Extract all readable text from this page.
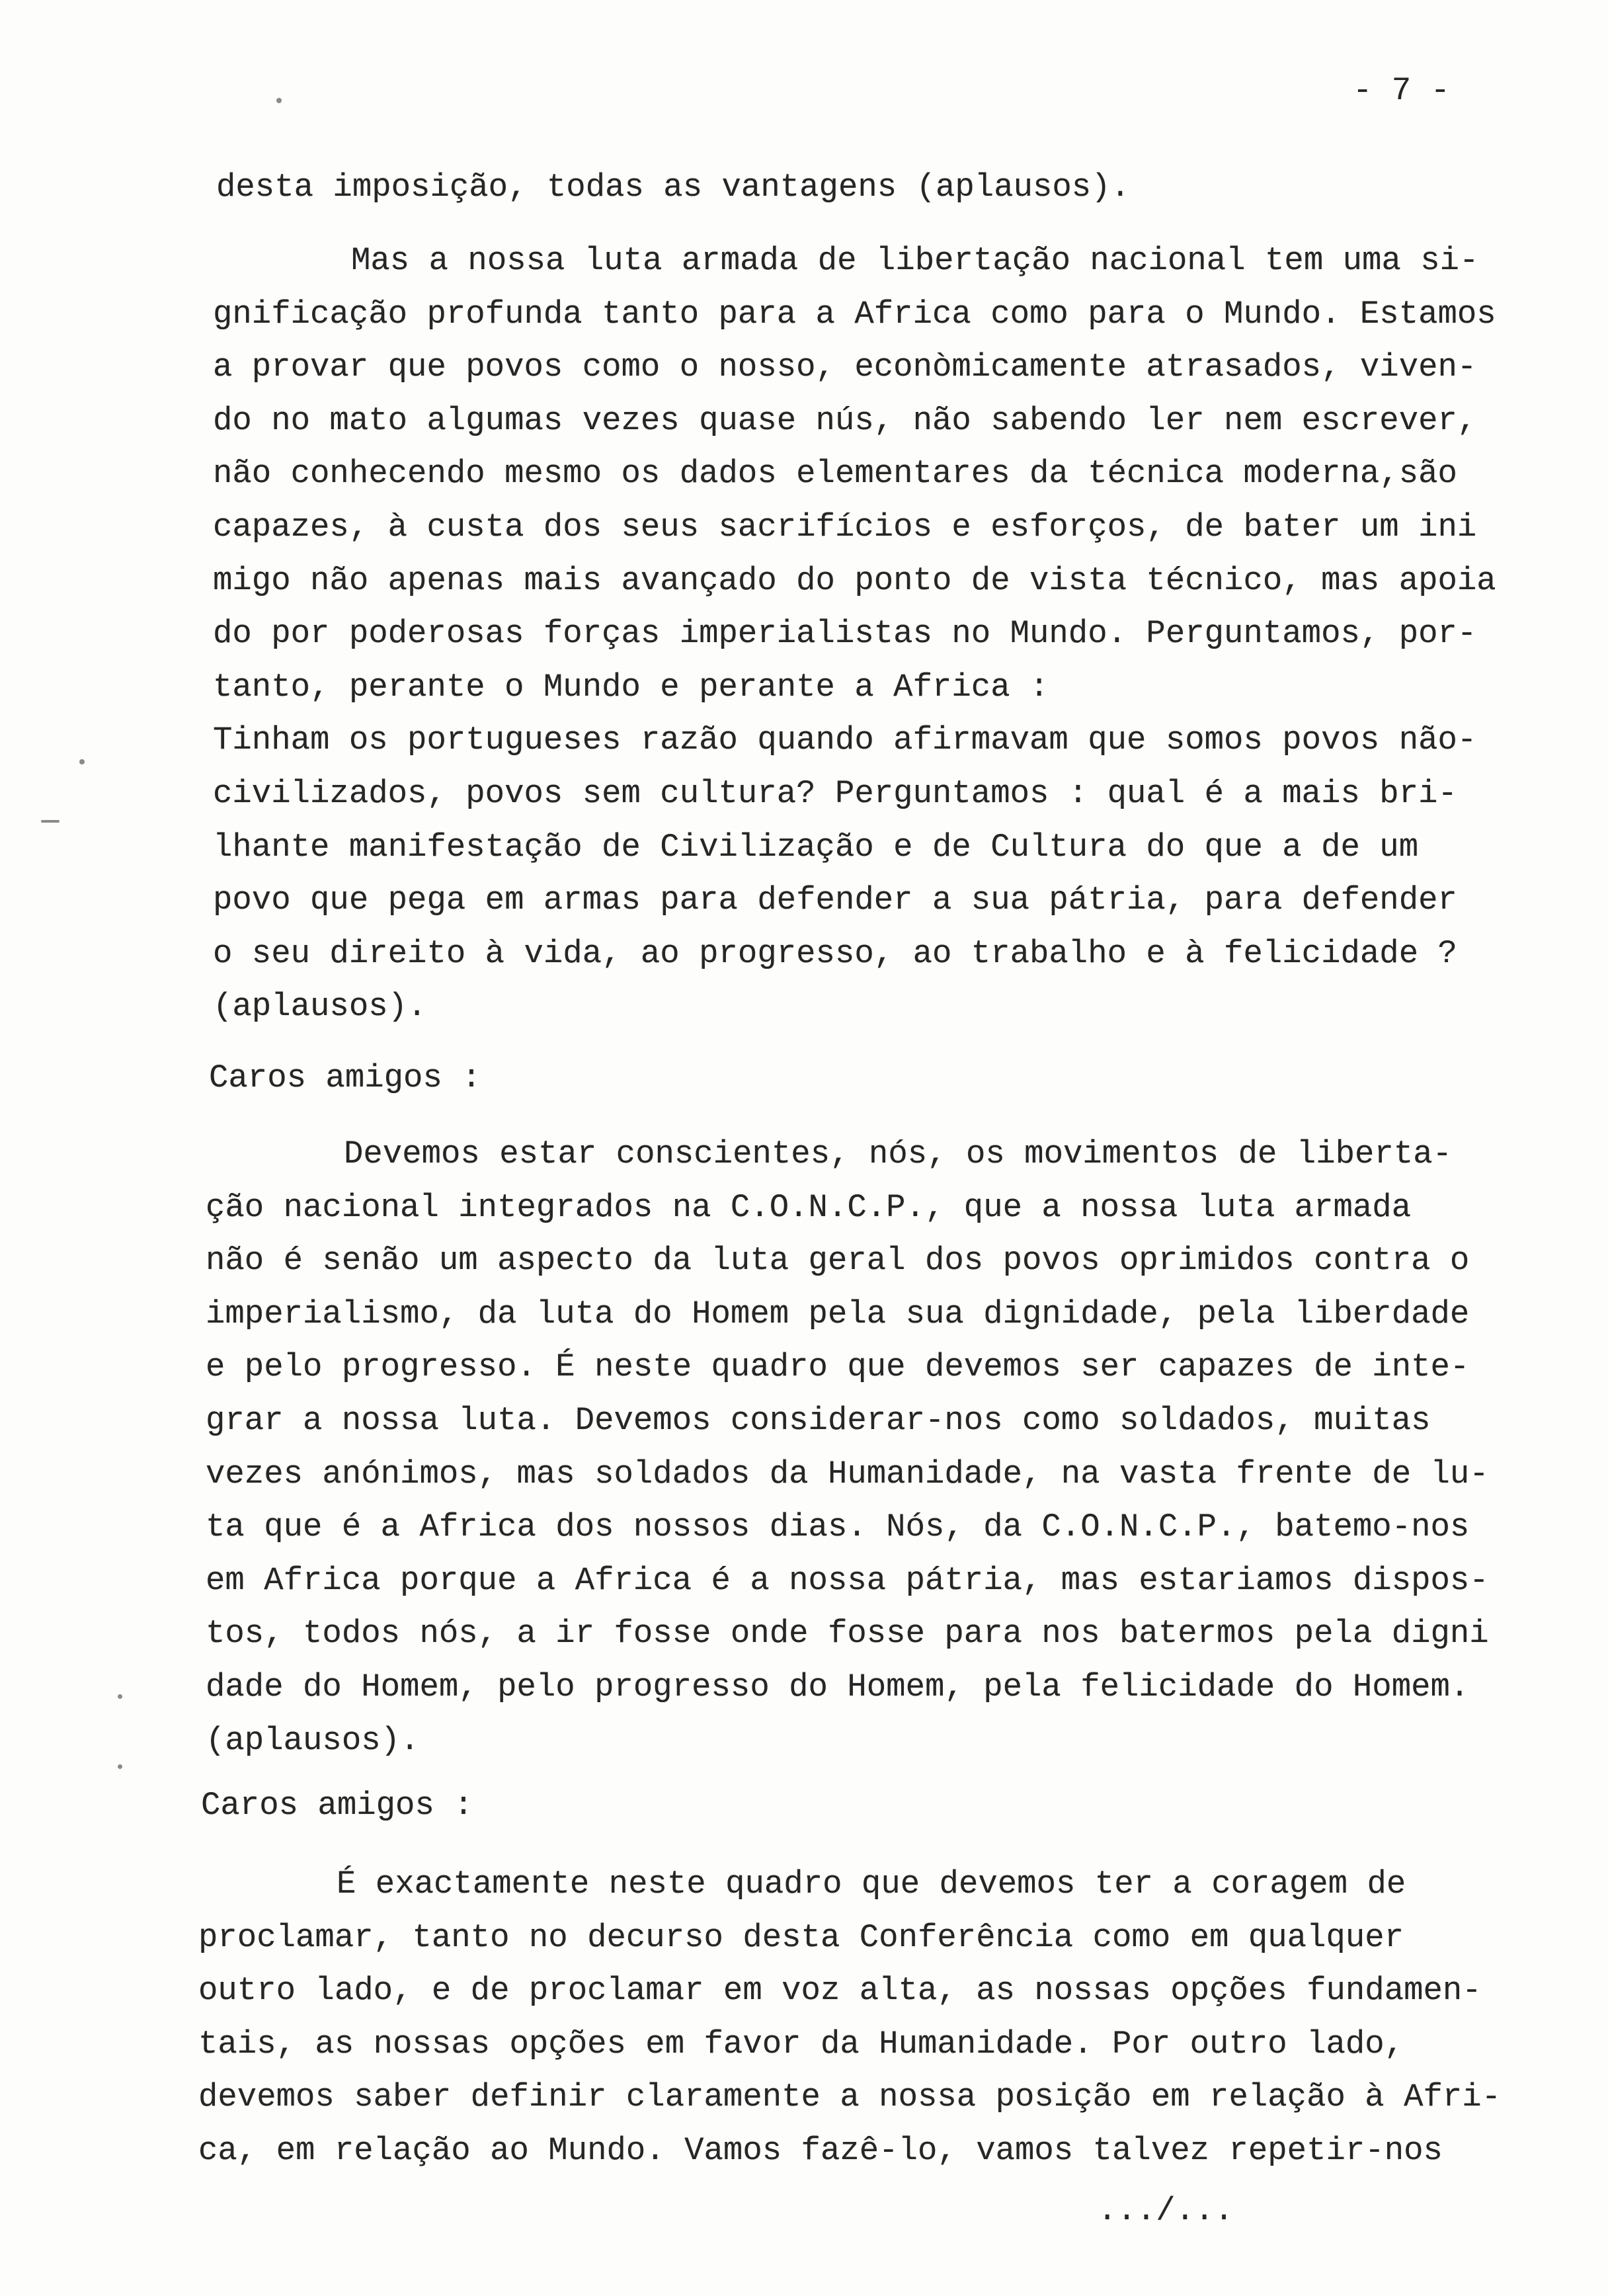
- 7 -
desta imposição, todas as vantagens (aplausos).
Mas a nossa luta armada de libertação nacional tem uma si-
gnificação profunda tanto para a Africa como para o Mundo. Estamos
a provar que povos como o nosso, econòmicamente atrasados, viven-
do no mato algumas vezes quase nús, não sabendo ler nem escrever,
não conhecendo mesmo os dados elementares da técnica moderna,são
capazes, à custa dos seus sacrifícios e esforços, de bater um ini
migo não apenas mais avançado do ponto de vista técnico, mas apoia
do por poderosas forças imperialistas no Mundo. Perguntamos, por-
tanto, perante o Mundo e perante a Africa :
Tinham os portugueses razão quando afirmavam que somos povos não-
civilizados, povos sem cultura? Perguntamos : qual é a mais bri-
lhante manifestação de Civilização e de Cultura do que a de um
povo que pega em armas para defender a sua pátria, para defender
o seu direito à vida, ao progresso, ao trabalho e à felicidade ?
(aplausos).
Caros amigos :
Devemos estar conscientes, nós, os movimentos de liberta-
ção nacional integrados na C.O.N.C.P., que a nossa luta armada
não é senão um aspecto da luta geral dos povos oprimidos contra o
imperialismo, da luta do Homem pela sua dignidade, pela liberdade
e pelo progresso. É neste quadro que devemos ser capazes de inte-
grar a nossa luta. Devemos considerar-nos como soldados, muitas
vezes anónimos, mas soldados da Humanidade, na vasta frente de lu-
ta que é a Africa dos nossos dias. Nós, da C.O.N.C.P., batemo-nos
em Africa porque a Africa é a nossa pátria, mas estariamos dispos-
tos, todos nós, a ir fosse onde fosse para nos batermos pela digni
dade do Homem, pelo progresso do Homem, pela felicidade do Homem.
(aplausos).
Caros amigos :
É exactamente neste quadro que devemos ter a coragem de
proclamar, tanto no decurso desta Conferência como em qualquer
outro lado, e de proclamar em voz alta, as nossas opções fundamen-
tais, as nossas opções em favor da Humanidade. Por outro lado,
devemos saber definir claramente a nossa posição em relação à Afri-
ca, em relação ao Mundo. Vamos fazê-lo, vamos talvez repetir-nos
.../...
